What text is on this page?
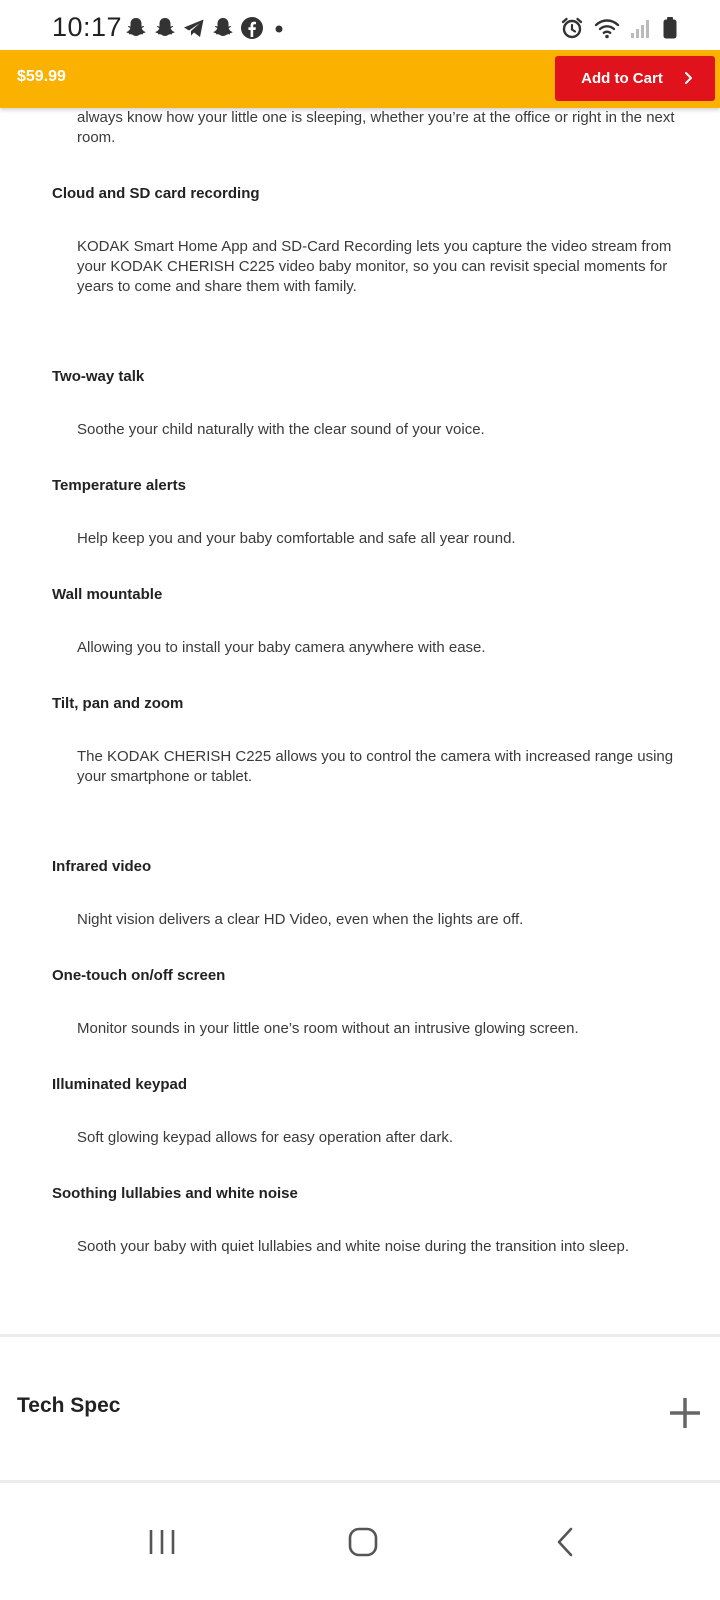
10:17
$59.99	Add to Cart
always know how your little one is sleeping, whether you’re at the office or right in the next room.
Cloud and SD card recording
KODAK Smart Home App and SD-Card Recording lets you capture the video stream from your KODAK CHERISH C225 video baby monitor, so you can revisit special moments for years to come and share them with family.
Two-way talk
Soothe your child naturally with the clear sound of your voice.
Temperature alerts
Help keep you and your baby comfortable and safe all year round.
Wall mountable
Allowing you to install your baby camera anywhere with ease.
Tilt, pan and zoom
The KODAK CHERISH C225 allows you to control the camera with increased range using your smartphone or tablet.
Infrared video
Night vision delivers a clear HD Video, even when the lights are off.
One-touch on/off screen
Monitor sounds in your little one’s room without an intrusive glowing screen.
Illuminated keypad
Soft glowing keypad allows for easy operation after dark.
Soothing lullabies and white noise
Sooth your baby with quiet lullabies and white noise during the transition into sleep.
Tech Spec
